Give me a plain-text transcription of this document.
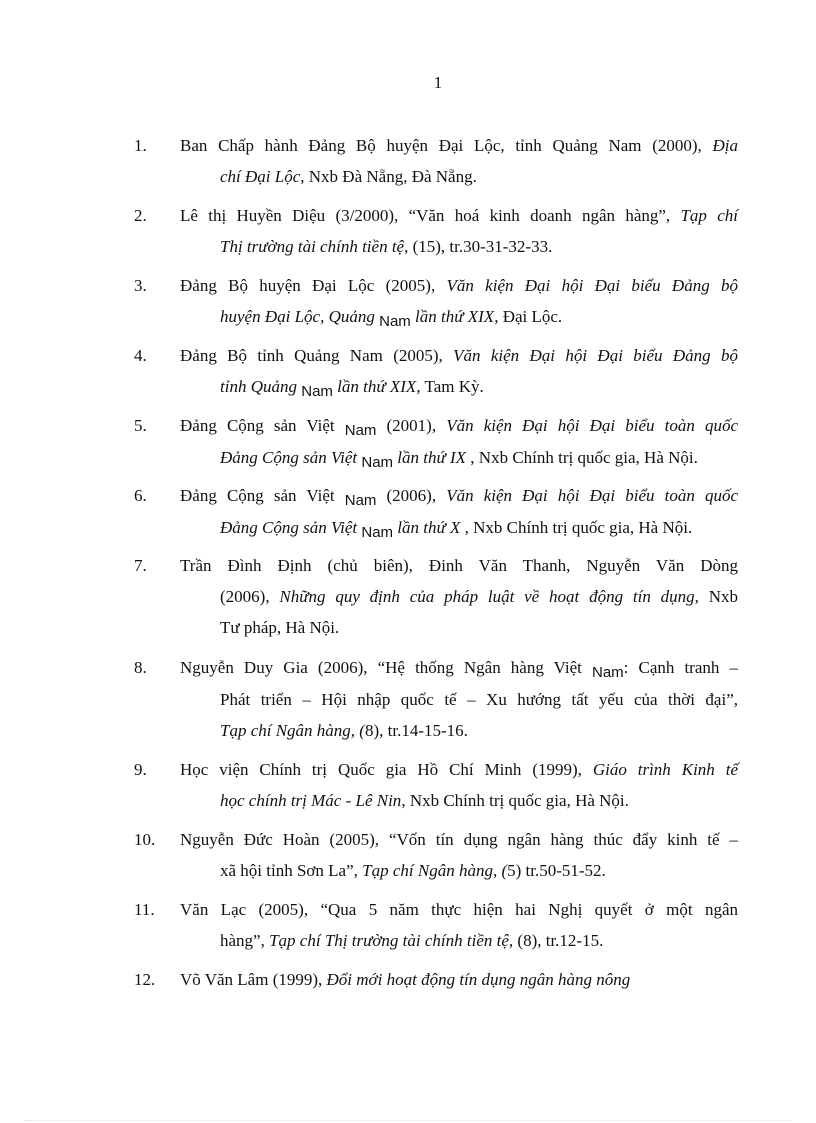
1
1. Ban Chấp hành Đảng Bộ huyện Đại Lộc, tỉnh Quảng Nam (2000), Địa
chí Đại Lộc, Nxb Đà Nẵng, Đà Nẵng.
2. Lê thị Huyền Diệu (3/2000), “Văn hoá kinh doanh ngân hàng”, Tạp chí
Thị trường tài chính tiền tệ, (15), tr.30-31-32-33.
3. Đảng Bộ huyện Đại Lộc (2005), Văn kiện Đại hội Đại biểu Đảng bộ
huyện Đại Lộc, Quảng Nam lần thứ XIX, Đại Lộc.
4. Đảng Bộ tỉnh Quảng Nam (2005), Văn kiện Đại hội Đại biểu Đảng bộ
tỉnh Quảng Nam lần thứ XIX, Tam Kỳ.
5. Đảng Cộng sản Việt Nam (2001), Văn kiện Đại hội Đại biểu toàn quốc
Đảng Cộng sản Việt Nam lần thứ IX , Nxb Chính trị quốc gia, Hà Nội.
6. Đảng Cộng sản Việt Nam (2006), Văn kiện Đại hội Đại biểu toàn quốc
Đảng Cộng sản Việt Nam lần thứ X , Nxb Chính trị quốc gia, Hà Nội.
7. Trần Đình Định (chủ biên), Đinh Văn Thanh, Nguyễn Văn Dòng
(2006), Những quy định của pháp luật về hoạt động tín dụng, Nxb
Tư pháp, Hà Nội.
8. Nguyễn Duy Gia (2006), “Hệ thống Ngân hàng Việt Nam: Cạnh tranh –
Phát triển – Hội nhập quốc tế – Xu hướng tất yếu của thời đại”,
Tạp chí Ngân hàng, (8), tr.14-15-16.
9. Học viện Chính trị Quốc gia Hồ Chí Minh (1999), Giáo trình Kinh tế
học chính trị Mác - Lê Nin, Nxb Chính trị quốc gia, Hà Nội.
10. Nguyễn Đức Hoàn (2005), “Vốn tín dụng ngân hàng thúc đẩy kinh tế –
xã hội tỉnh Sơn La”, Tạp chí Ngân hàng, (5) tr.50-51-52.
11. Văn Lạc (2005), “Qua 5 năm thực hiện hai Nghị quyết ở một ngân
hàng”, Tạp chí Thị trường tài chính tiền tệ, (8), tr.12-15.
12. Võ Văn Lâm (1999), Đổi mới hoạt động tín dụng ngân hàng nông
